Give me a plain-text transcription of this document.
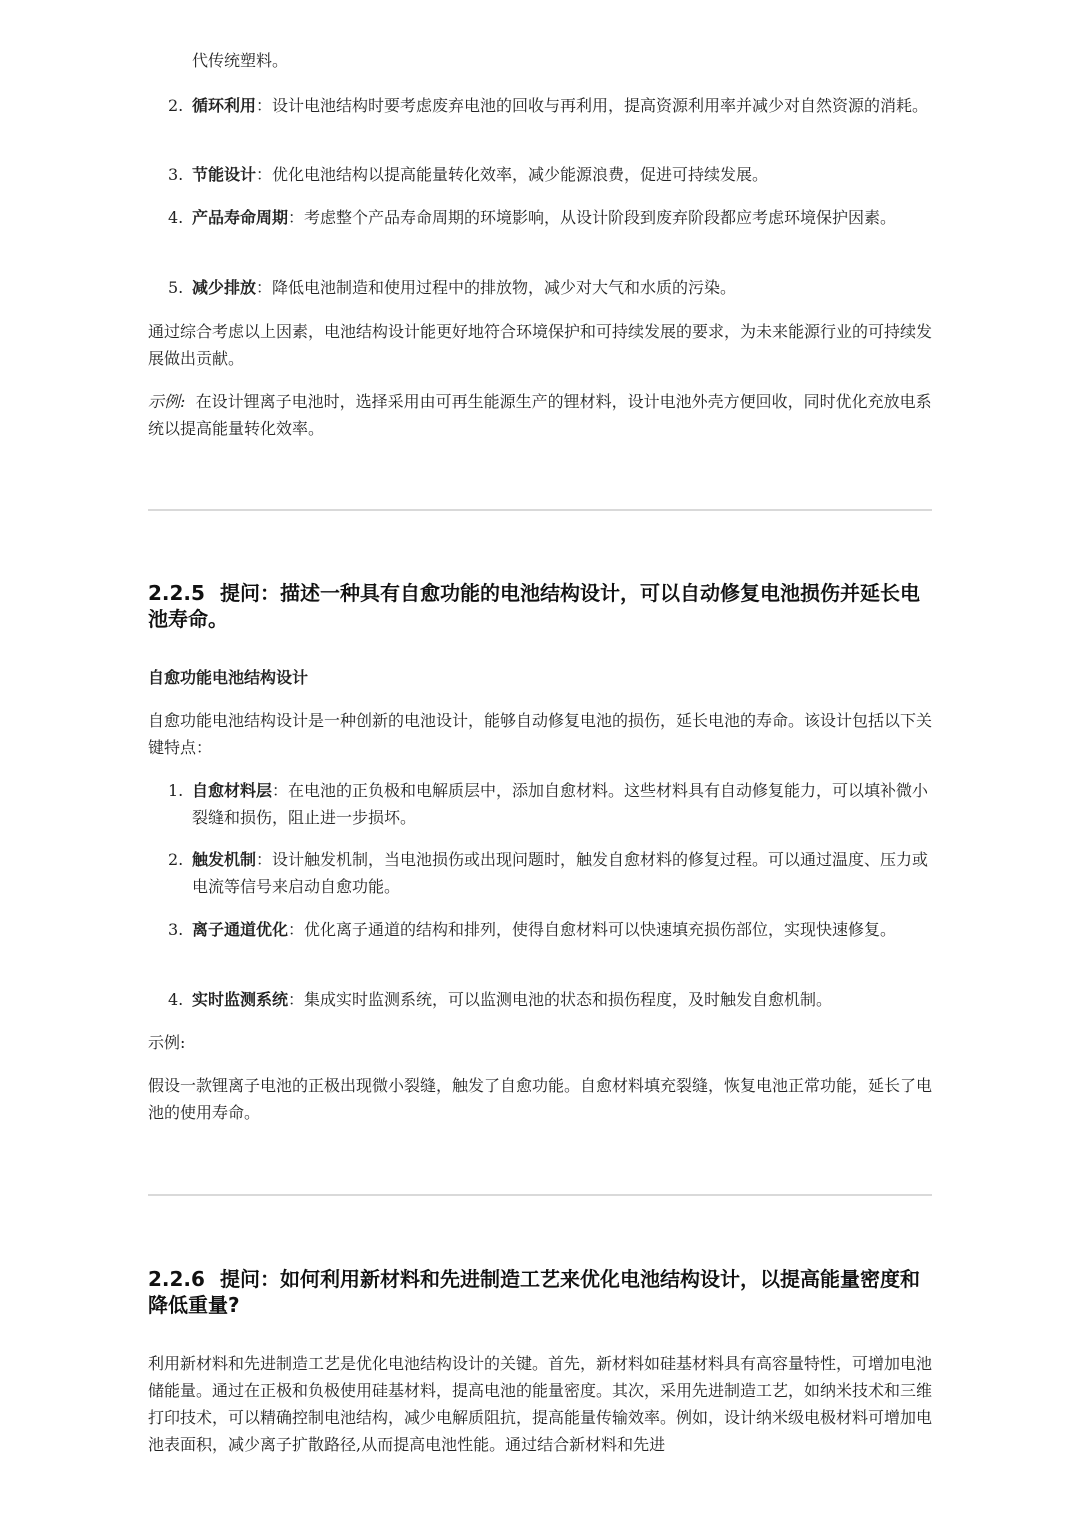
代传统塑料。
2. 循环利用：设计电池结构时要考虑废弃电池的回收与再利用，提高资源利用率并减少对自然资源的消耗。
3. 节能设计：优化电池结构以提高能量转化效率，减少能源浪费，促进可持续发展。
4. 产品寿命周期：考虑整个产品寿命周期的环境影响，从设计阶段到废弃阶段都应考虑环境保护因素。
5. 减少排放：降低电池制造和使用过程中的排放物，减少对大气和水质的污染。

通过综合考虑以上因素，电池结构设计能更好地符合环境保护和可持续发展的要求，为未来能源行业的可持续发展做出贡献。

示例: 在设计锂离子电池时，选择采用由可再生能源生产的锂材料，设计电池外壳方便回收，同时优化充放电系统以提高能量转化效率。

2.2.5 提问：描述一种具有自愈功能的电池结构设计，可以自动修复电池损伤并延长电池寿命。
自愈功能电池结构设计

自愈功能电池结构设计是一种创新的电池设计，能够自动修复电池的损伤，延长电池的寿命。该设计包括以下关键特点：

1. 自愈材料层：在电池的正负极和电解质层中，添加自愈材料。这些材料具有自动修复能力，可以填补微小裂缝和损伤，阻止进一步损坏。
2. 触发机制：设计触发机制，当电池损伤或出现问题时，触发自愈材料的修复过程。可以通过温度、压力或电流等信号来启动自愈功能。
3. 离子通道优化：优化离子通道的结构和排列，使得自愈材料可以快速填充损伤部位，实现快速修复。
4. 实时监测系统：集成实时监测系统，可以监测电池的状态和损伤程度，及时触发自愈机制。
示例:

假设一款锂离子电池的正极出现微小裂缝，触发了自愈功能。自愈材料填充裂缝，恢复电池正常功能，延长了电池的使用寿命。

2.2.6 提问：如何利用新材料和先进制造工艺来优化电池结构设计，以提高能量密度和降低重量?

利用新材料和先进制造工艺是优化电池结构设计的关键。首先，新材料如硅基材料具有高容量特性，可增加电池储能量。通过在正极和负极使用硅基材料，提高电池的能量密度。其次，采用先进制造工艺，如纳米技术和三维打印技术，可以精确控制电池结构，减少电解质阻抗，提高能量传输效率。例如，设计纳米级电极材料可增加电池表面积，减少离子扩散路径,从而提高电池性能。通过结合新材料和先进
